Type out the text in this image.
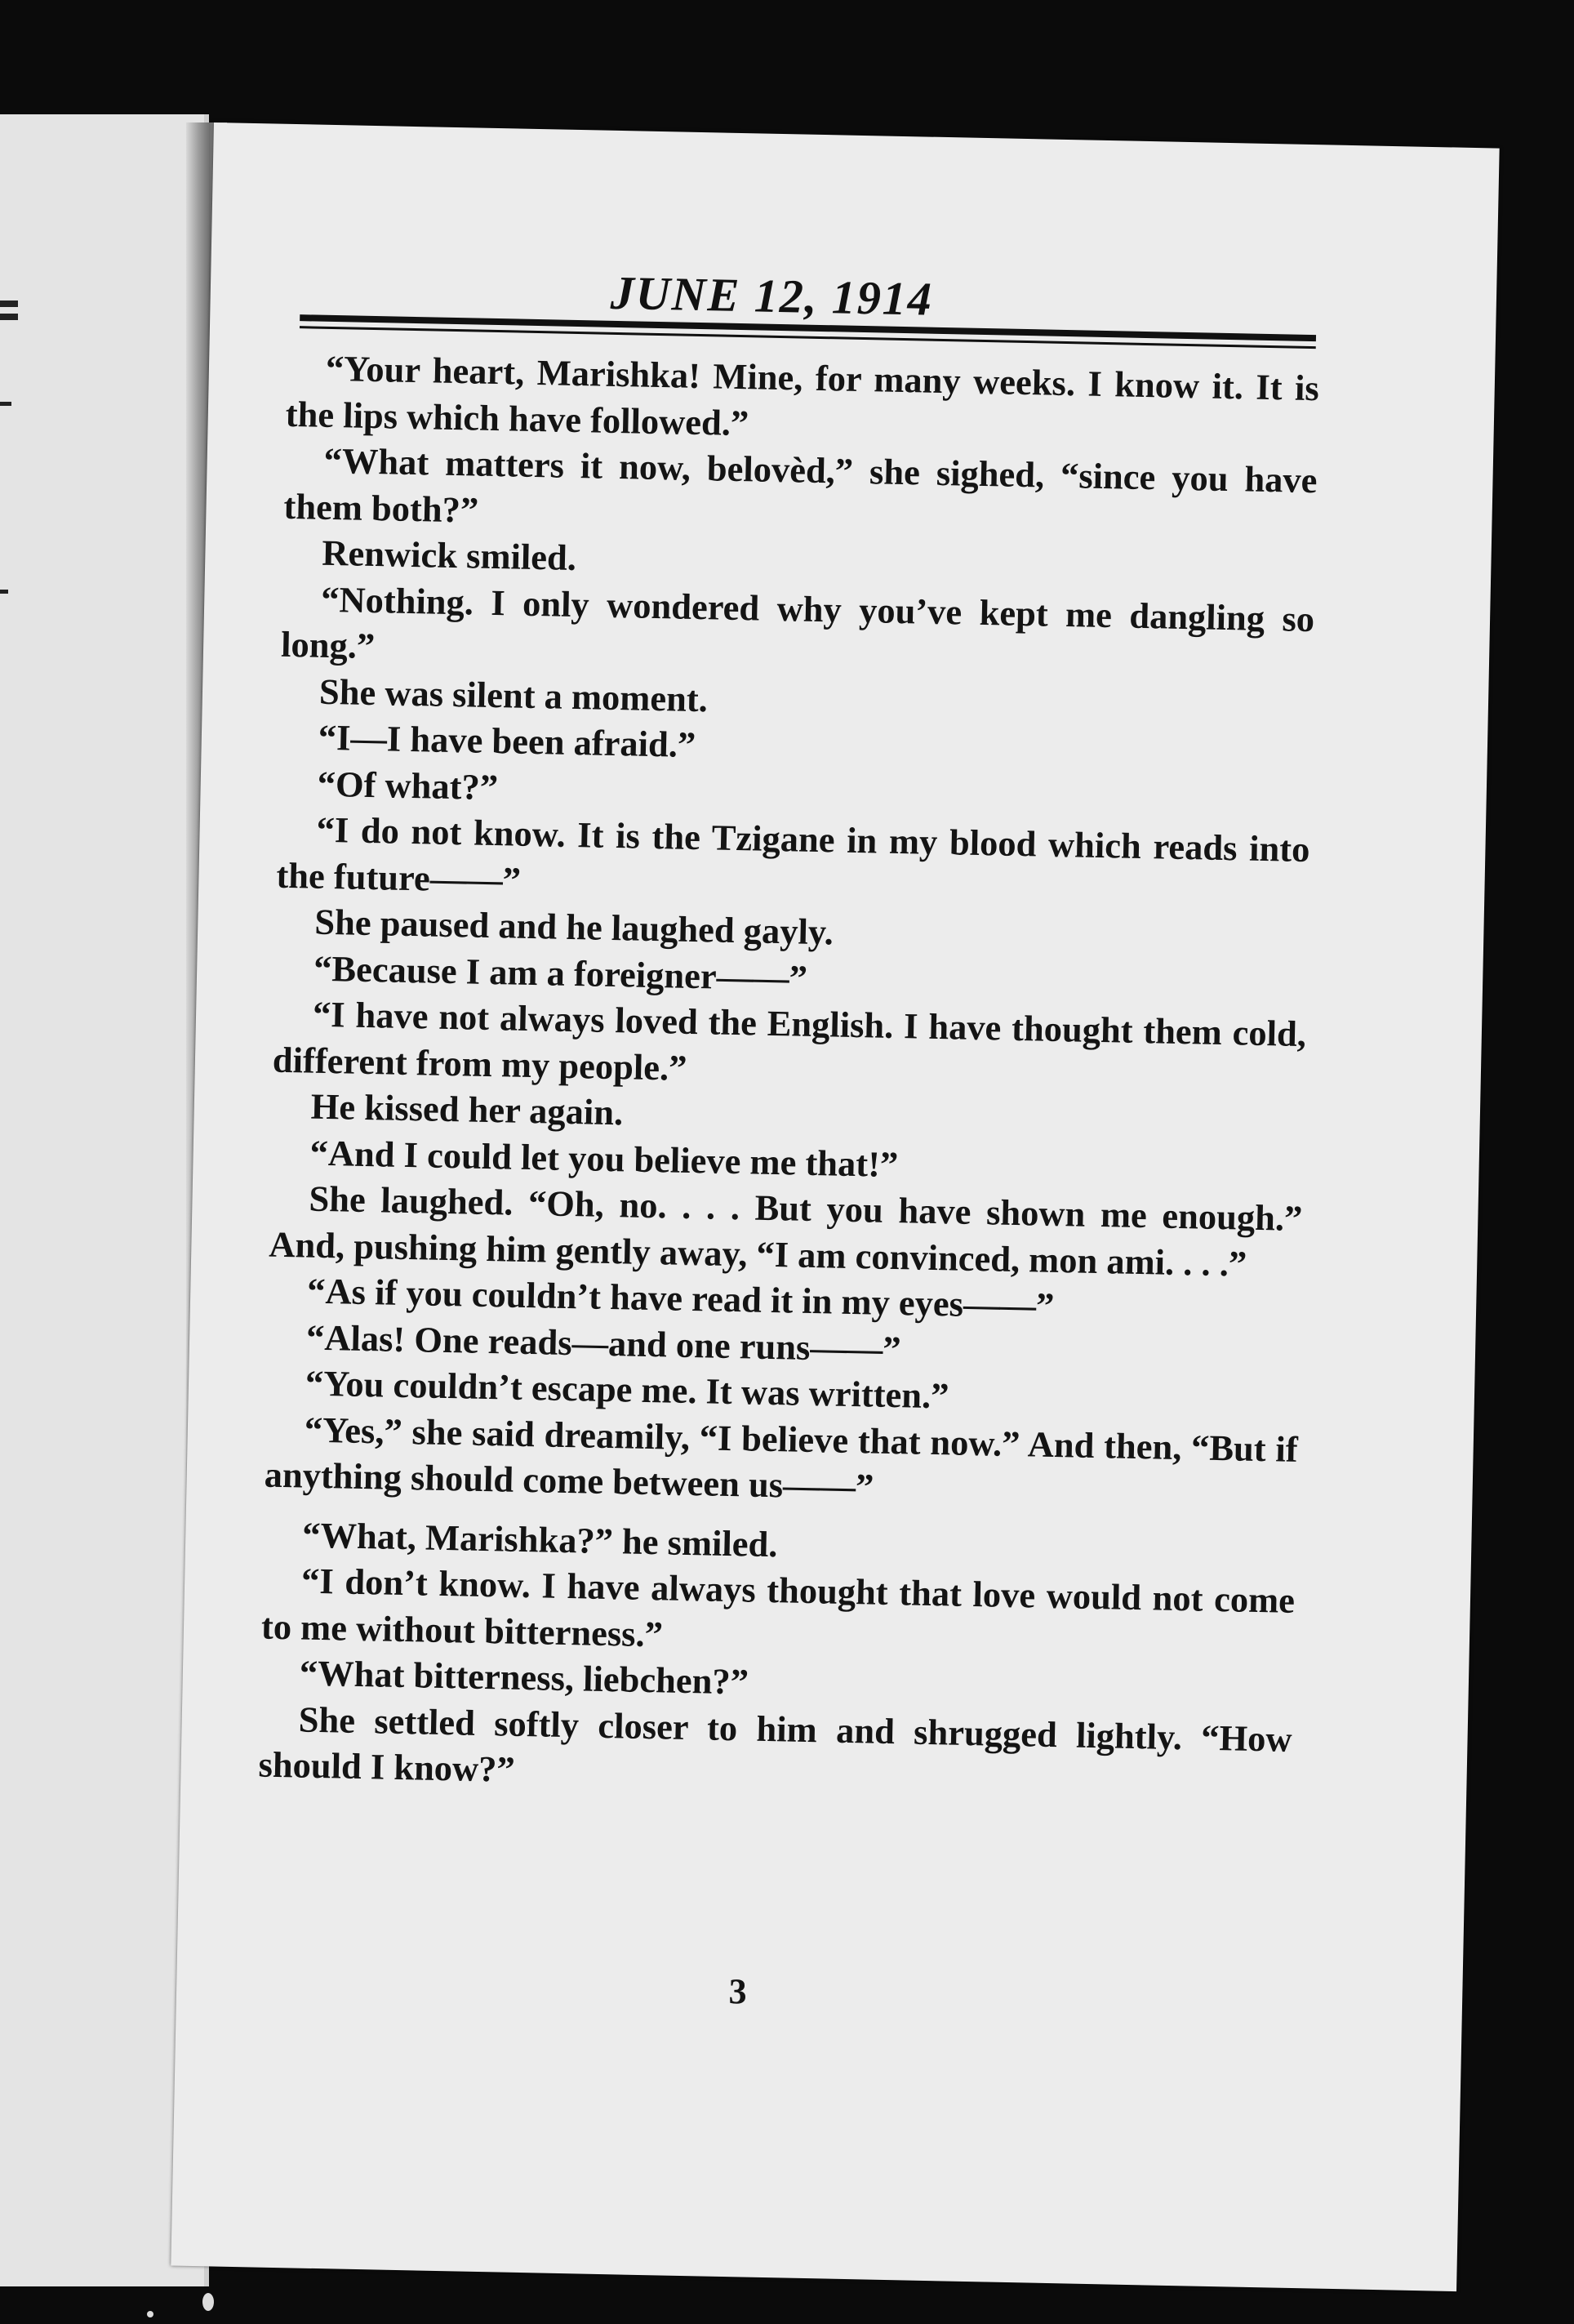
JUNE 12, 1914

“Your heart, Marishka! Mine, for many weeks. I know it. It is the lips which have followed.”

“What matters it now, belovèd,” she sighed, “since you have them both?”

Renwick smiled.

“Nothing. I only wondered why you’ve kept me dangling so long.”

She was silent a moment.

“I—I have been afraid.”

“Of what?”

“I do not know. It is the Tzigane in my blood which reads into the future——”

She paused and he laughed gayly.

“Because I am a foreigner——”

“I have not always loved the English. I have thought them cold, different from my people.”

He kissed her again.

“And I could let you believe me that!”

She laughed. “Oh, no. . . . But you have shown me enough.” And, pushing him gently away, “I am convinced, mon ami. . . .”

“As if you couldn’t have read it in my eyes——”

“Alas! One reads—and one runs——”

“You couldn’t escape me. It was written.”

“Yes,” she said dreamily, “I believe that now.” And then, “But if anything should come between us——”

“What, Marishka?” he smiled.

“I don’t know. I have always thought that love would not come to me without bitterness.”

“What bitterness, liebchen?”

She settled softly closer to him and shrugged lightly. “How should I know?”

3
